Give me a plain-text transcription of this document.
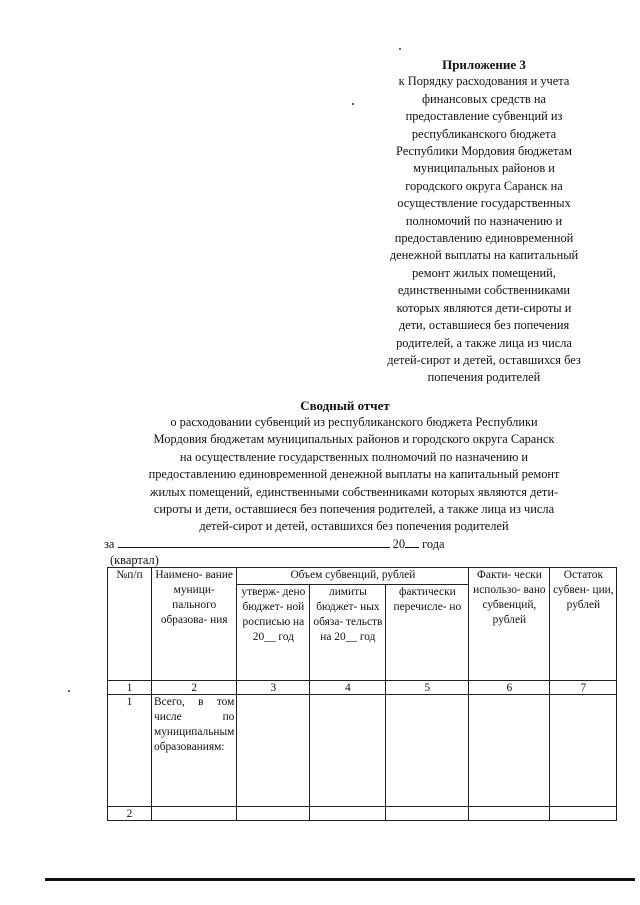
Приложение 3
к Порядку расходования и учета
финансовых средств на
предоставление субвенций из
республиканского бюджета
Республики Мордовия бюджетам
муниципальных районов и
городского округа Саранск на
осуществление государственных
полномочий по назначению и
предоставлению единовременной
денежной выплаты на капитальный
ремонт жилых помещений,
единственными собственниками
которых являются дети-сироты и
дети, оставшиеся без попечения
родителей, а также лица из числа
детей-сирот и детей, оставшихся без
попечения родителей
Сводный отчет
о расходовании субвенций из республиканского бюджета Республики
Мордовия бюджетам муниципальных районов и городского округа Саранск
на осуществление государственных полномочий по назначению и
предоставлению единовременной денежной выплаты на капитальный ремонт
жилых помещений, единственными собственниками которых являются дети-
сироты и дети, оставшиеся без попечения родителей, а также лица из числа
детей-сирот и детей, оставшихся без попечения родителей
за	20 года
(квартал)
№п/п	Наимено- вание муници- пального образова- ния	Объем субвенций, рублей			Факти- чески использо- вано субвенций, рублей	Остаток субвен- ции, рублей
		утверж- дено бюджет- ной росписью на 20__ год	лимиты бюджет- ных обяза- тельств на 20__ год	фактически перечисле- но		
1	2	3	4	5	6	7
1	Всего, в том числе по муниципальным образованиям:					
2						
